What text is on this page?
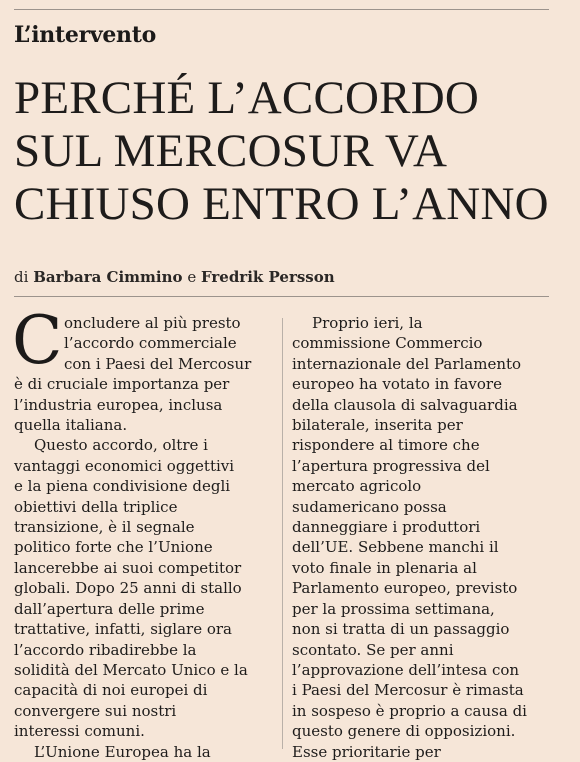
L’intervento
PERCHÉ L’ACCORDO
SUL MERCOSUR VA
CHIUSO ENTRO L’ANNO
di Barbara Cimmino e Fredrik Persson
C oncludere al più presto
l’accordo commerciale
con i Paesi del Mercosur
è di cruciale importanza per
l’industria europea, inclusa
quella italiana.
Questo accordo, oltre i
vantaggi economici oggettivi
e la piena condivisione degli
obiettivi della triplice
transizione, è il segnale
politico forte che l’Unione
lancerebbe ai suoi competitor
globali. Dopo 25 anni di stallo
dall’apertura delle prime
trattative, infatti, siglare ora
l’accordo ribadirebbe la
solidità del Mercato Unico e la
capacità di noi europei di
convergere sui nostri
interessi comuni.
L’Unione Europea ha la
Proprio ieri, la
commissione Commercio
internazionale del Parlamento
europeo ha votato in favore
della clausola di salvaguardia
bilaterale, inserita per
rispondere al timore che
l’apertura progressiva del
mercato agricolo
sudamericano possa
danneggiare i produttori
dell’UE. Sebbene manchi il
voto finale in plenaria al
Parlamento europeo, previsto
per la prossima settimana,
non si tratta di un passaggio
scontato. Se per anni
l’approvazione dell’intesa con
i Paesi del Mercosur è rimasta
in sospeso è proprio a causa di
questo genere di opposizioni.
Esse prioritarie per
